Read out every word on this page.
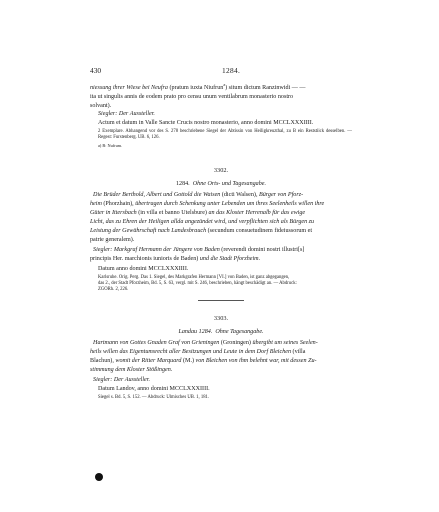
430	1284.
niessung ihrer Wiese bei Neufra (pratum iuxta Niufrun$^a$) situm dictum Ranzinwidi — —
ita ut singulis annis de eodem prato pro censu unum ventilabrum monasterio nostro
solvant).
Siegler: Der Aussteller.
Actum et datum in Valle Sancte Crucis nostro monasterio, anno domini MCCLXXXIIII.
2 Exemplare. Abhangend vor des S. 278 beschriebene Siegel der Abtissin von Heiligkreuzthal, zu B ein Reststiick desselben. — Regest: Furstenberg. UB. 6, 126.
a) B: Nufrum.
3302.
1284. Ohne Orts- und Tagesangabe.
Die Brüder Berthold, Albert und Gottold die Waisen (dicti Walsen), Bürger von Pforz-
heim (Phorzhain), übertragen durch Schenkung unter Lebenden um ihres Seelenheils willen ihre
Güter in Ittersbach (in villa et banno Utelsbure) an das Kloster Herrenalb für das ewige
Licht, das zu Ehren der Heiligen allda angezündet wird, und verpflichten sich als Bürgen zu
Leistung der Gewährschaft nach Landesbrauch (secundum consuetudinem fideiussorum et
patrie generalem).
Siegler: Markgraf Hermann der Jüngere von Baden (reverendi domini nostri illustri[s]
principis Her. marchionis iunioris de Baden) und die Stadt Pforzheim.
Datum anno domini MCCLXXXIIII.
Karlsruhe. Orig. Perg. Das 1. Siegel, des Markgrafen Hermann [VI.] von Baden, ist ganz abgegangen,
das 2., der Stadt Pforzheim, Bd. 5, S. 63, vergl. mit S. 246, beschrieben, hängt beschädigt an. — Abdruck:
ZGORh. 2, 226.
3303.
Landau 1284. Ohne Tagesangabe.
Hartmann von Gottes Gnaden Graf von Grieningen (Groningen) übergibt um seines Seelen-
heils willen das Eigentumsrecht aller Besitzungen und Leute in dem Dorf Bleichen (villa
Blachun), womit der Ritter Marquard (M.) von Bleichen von ihm belehnt war, mit dessen Zu-
stimmung dem Kloster Stößingen.
Siegler: Der Aussteller.
Datum Landov, anno domini MCCLXXXIIII.
Siegel s. Bd. 5, S. 152. — Abdruck: Ulmisches UB. 1, 181.
